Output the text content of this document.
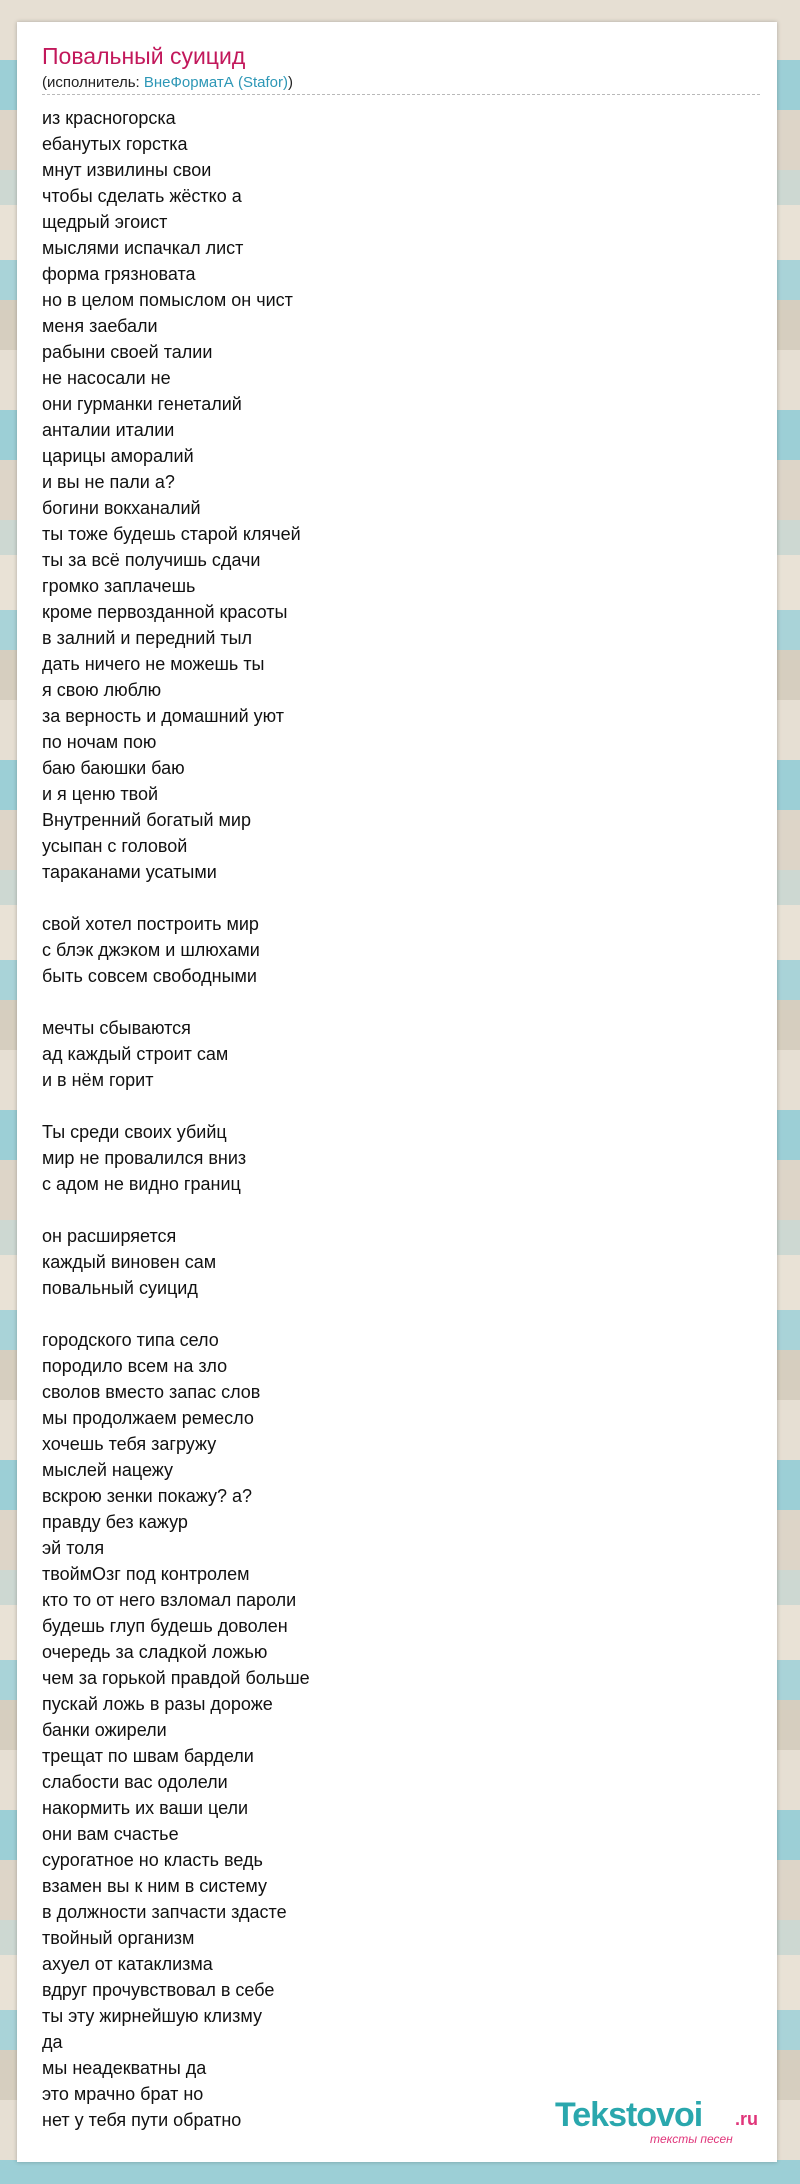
Повальный суицид
(исполнитель: ВнеФорматА (Stafor))
из красногорска
ебанутых горстка
мнут извилины свои
чтобы сделать жёстко а
щедрый эгоист
мыслями испачкал лист
форма грязновата
но в целом помыслом он чист
меня заебали
рабыни своей талии
не насосали не
они гурманки генеталий
анталии италии
царицы аморалий
и вы не пали а?
богини вокханалий
ты тоже будешь старой клячей
ты за всё получишь сдачи
громко заплачешь
кроме первозданной красоты
в залний и передний тыл
дать ничего не можешь ты
я свою люблю
за верность и домашний уют
по ночам пою
баю баюшки баю
и я ценю твой
Внутренний богатый мир
усыпан с головой
тараканами усатыми
свой хотел построить мир
с блэк джэком и шлюхами
быть совсем свободными
мечты сбываются
ад каждый строит сам
и в нём горит
Ты среди своих убийц
мир не провалился вниз
с адом не видно границ
он расширяется
каждый виновен сам
повальный суицид
городского типа село
породило всем на зло
сволов вместо запас слов
мы продолжаем ремесло
хочешь тебя загружу
мыслей нацежу
вскрою зенки покажу? а?
правду без кажур
эй толя
твоймОзг под контролем
кто то от него взломал пароли
будешь глуп будешь доволен
очередь за сладкой ложью
чем за горькой правдой больше
пускай ложь в разы дороже
банки ожирели
трещат по швам бардели
слабости вас одолели
накормить их ваши цели
они вам счастье
сурогатное но класть ведь
взамен вы к ним в систему
в должности запчасти здасте
твойный организм
ахуел от катаклизма
вдруг прочувствовал в себе
ты эту жирнейшую клизму
да
мы неадекватны да
это мрачно брат но
нет у тебя пути обратно	Tekstovoi .ru
тексты песен
